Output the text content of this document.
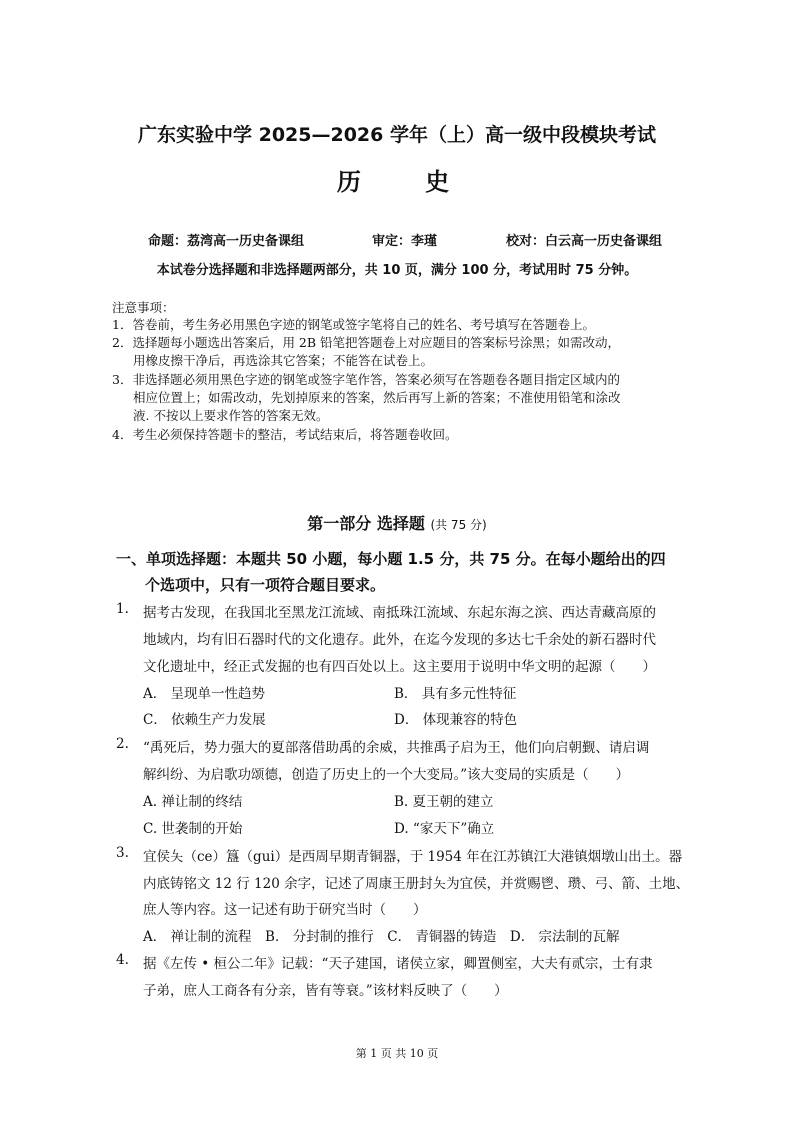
广东实验中学 2025—2026 学年（上）高一级中段模块考试
历 史
命题：荔湾高一历史备课组	审定：李瑾	校对：白云高一历史备课组
本试卷分选择题和非选择题两部分，共 10 页，满分 100 分，考试用时 75 分钟。
注意事项：
1．答卷前，考生务必用黑色字迹的钢笔或签字笔将自己的姓名、考号填写在答题卷上。
2．选择题每小题选出答案后，用 2B 铅笔把答题卷上对应题目的答案标号涂黑；如需改动，
用橡皮擦干净后，再选涂其它答案；不能答在试卷上。
3．非选择题必须用黑色字迹的钢笔或签字笔作答，答案必须写在答题卷各题目指定区域内的
相应位置上；如需改动，先划掉原来的答案，然后再写上新的答案；不准使用铅笔和涂改
液. 不按以上要求作答的答案无效。
4．考生必须保持答题卡的整洁，考试结束后，将答题卷收回。
第一部分 选择题 (共 75 分)
一、单项选择题：本题共 50 小题，每小题 1.5 分，共 75 分。在每小题给出的四
个选项中，只有一项符合题目要求。
1. 据考古发现，在我国北至黑龙江流域、南抵珠江流域、东起东海之滨、西达青藏高原的
地域内，均有旧石器时代的文化遗存。此外，在迄今发现的多达七千余处的新石器时代
文化遗址中，经正式发掘的也有四百处以上。这主要用于说明中华文明的起源（　　）
A． 呈现单一性趋势	B． 具有多元性特征
C． 依赖生产力发展	D． 体现兼容的特色
2. “禹死后，势力强大的夏部落借助禹的余威，共推禹子启为王，他们向启朝觐、请启调
解纠纷、为启歌功颂德，创造了历史上的一个大变局。”该大变局的实质是（　　）
A. 禅让制的终结	B. 夏王朝的建立
C. 世袭制的开始	D. “家天下”确立
3. 宜侯夨（ce）簋（gui）是西周早期青铜器，于 1954 年在江苏镇江大港镇烟墩山出土。器
内底铸铭文 12 行 120 余字，记述了周康王册封夨为宜侯，并赏赐鬯、瓒、弓、箭、土地、
庶人等内容。这一记述有助于研究当时（　　）
A． 禅让制的流程　B． 分封制的推行　C． 青铜器的铸造　D． 宗法制的瓦解
4. 据《左传 • 桓公二年》记载：“天子建国，诸侯立家，卿置侧室，大夫有贰宗，士有隶
子弟，庶人工商各有分亲，皆有等衰。”该材料反映了（　　）
第 1 页 共 10 页
